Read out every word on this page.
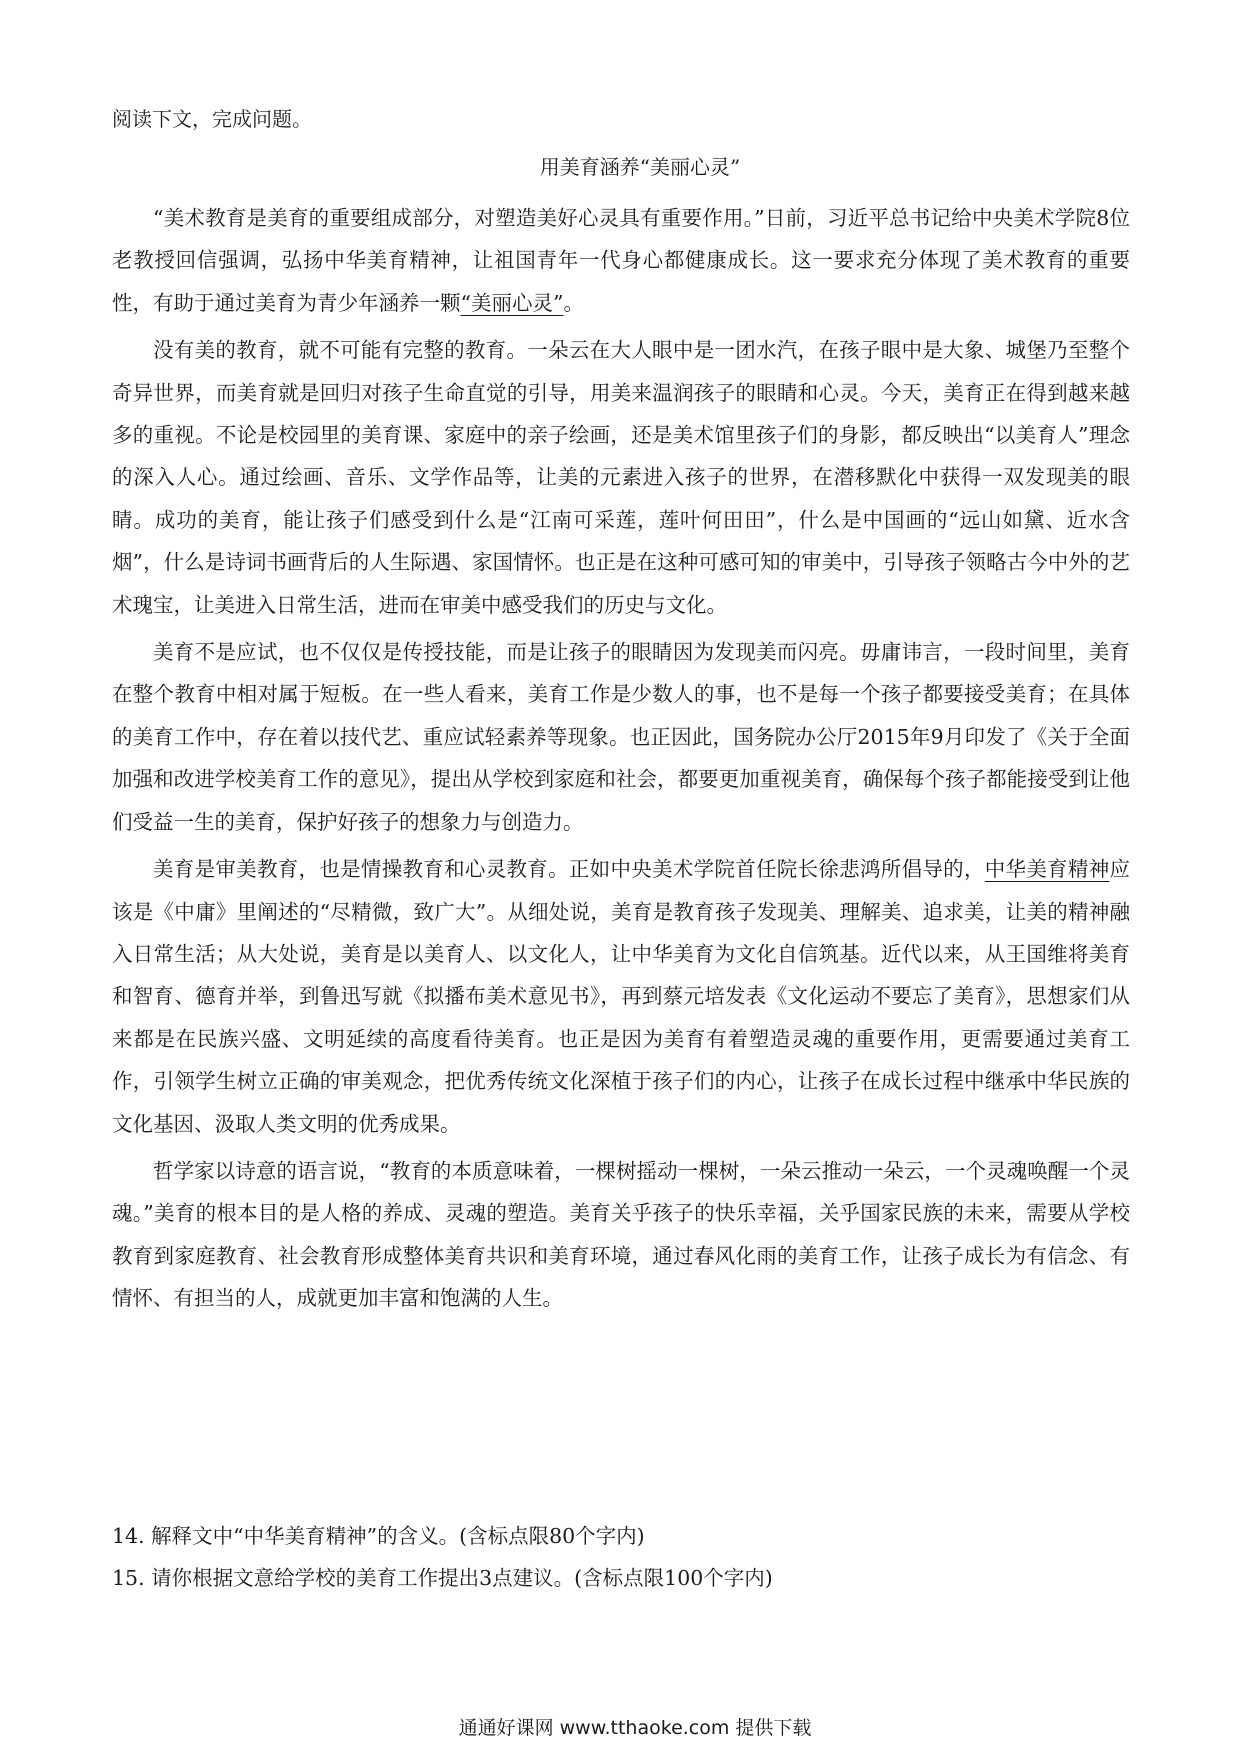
阅读下文，完成问题。
用美育涵养“美丽心灵”

“美术教育是美育的重要组成部分，对塑造美好心灵具有重要作用。”日前，习近平总书记给中央美术学院8位老教授回信强调，弘扬中华美育精神，让祖国青年一代身心都健康成长。这一要求充分体现了美术教育的重要性，有助于通过美育为青少年涵养一颗“美丽心灵”。

没有美的教育，就不可能有完整的教育。一朵云在大人眼中是一团水汽，在孩子眼中是大象、城堡乃至整个奇异世界，而美育就是回归对孩子生命直觉的引导，用美来温润孩子的眼睛和心灵。今天，美育正在得到越来越多的重视。不论是校园里的美育课、家庭中的亲子绘画，还是美术馆里孩子们的身影，都反映出“以美育人”理念的深入人心。通过绘画、音乐、文学作品等，让美的元素进入孩子的世界，在潜移默化中获得一双发现美的眼睛。成功的美育，能让孩子们感受到什么是“江南可采莲，莲叶何田田”，什么是中国画的“远山如黛、近水含烟”，什么是诗词书画背后的人生际遇、家国情怀。也正是在这种可感可知的审美中，引导孩子领略古今中外的艺术瑰宝，让美进入日常生活，进而在审美中感受我们的历史与文化。

美育不是应试，也不仅仅是传授技能，而是让孩子的眼睛因为发现美而闪亮。毋庸讳言，一段时间里，美育在整个教育中相对属于短板。在一些人看来，美育工作是少数人的事，也不是每一个孩子都要接受美育；在具体的美育工作中，存在着以技代艺、重应试轻素养等现象。也正因此，国务院办公厅2015年9月印发了《关于全面加强和改进学校美育工作的意见》，提出从学校到家庭和社会，都要更加重视美育，确保每个孩子都能接受到让他们受益一生的美育，保护好孩子的想象力与创造力。

美育是审美教育，也是情操教育和心灵教育。正如中央美术学院首任院长徐悲鸿所倡导的，中华美育精神应该是《中庸》里阐述的“尽精微，致广大”。从细处说，美育是教育孩子发现美、理解美、追求美，让美的精神融入日常生活；从大处说，美育是以美育人、以文化人，让中华美育为文化自信筑基。近代以来，从王国维将美育和智育、德育并举，到鲁迅写就《拟播布美术意见书》，再到蔡元培发表《文化运动不要忘了美育》，思想家们从来都是在民族兴盛、文明延续的高度看待美育。也正是因为美育有着塑造灵魂的重要作用，更需要通过美育工作，引领学生树立正确的审美观念，把优秀传统文化深植于孩子们的内心，让孩子在成长过程中继承中华民族的文化基因、汲取人类文明的优秀成果。

哲学家以诗意的语言说，“教育的本质意味着，一棵树摇动一棵树，一朵云推动一朵云，一个灵魂唤醒一个灵魂。”美育的根本目的是人格的养成、灵魂的塑造。美育关乎孩子的快乐幸福，关乎国家民族的未来，需要从学校教育到家庭教育、社会教育形成整体美育共识和美育环境，通过春风化雨的美育工作，让孩子成长为有信念、有情怀、有担当的人，成就更加丰富和饱满的人生。

14. 解释文中“中华美育精神”的含义。(含标点限80个字内)

15. 请你根据文意给学校的美育工作提出3点建议。(含标点限100个字内)

通通好课网 www.tthaoke.com 提供下载
